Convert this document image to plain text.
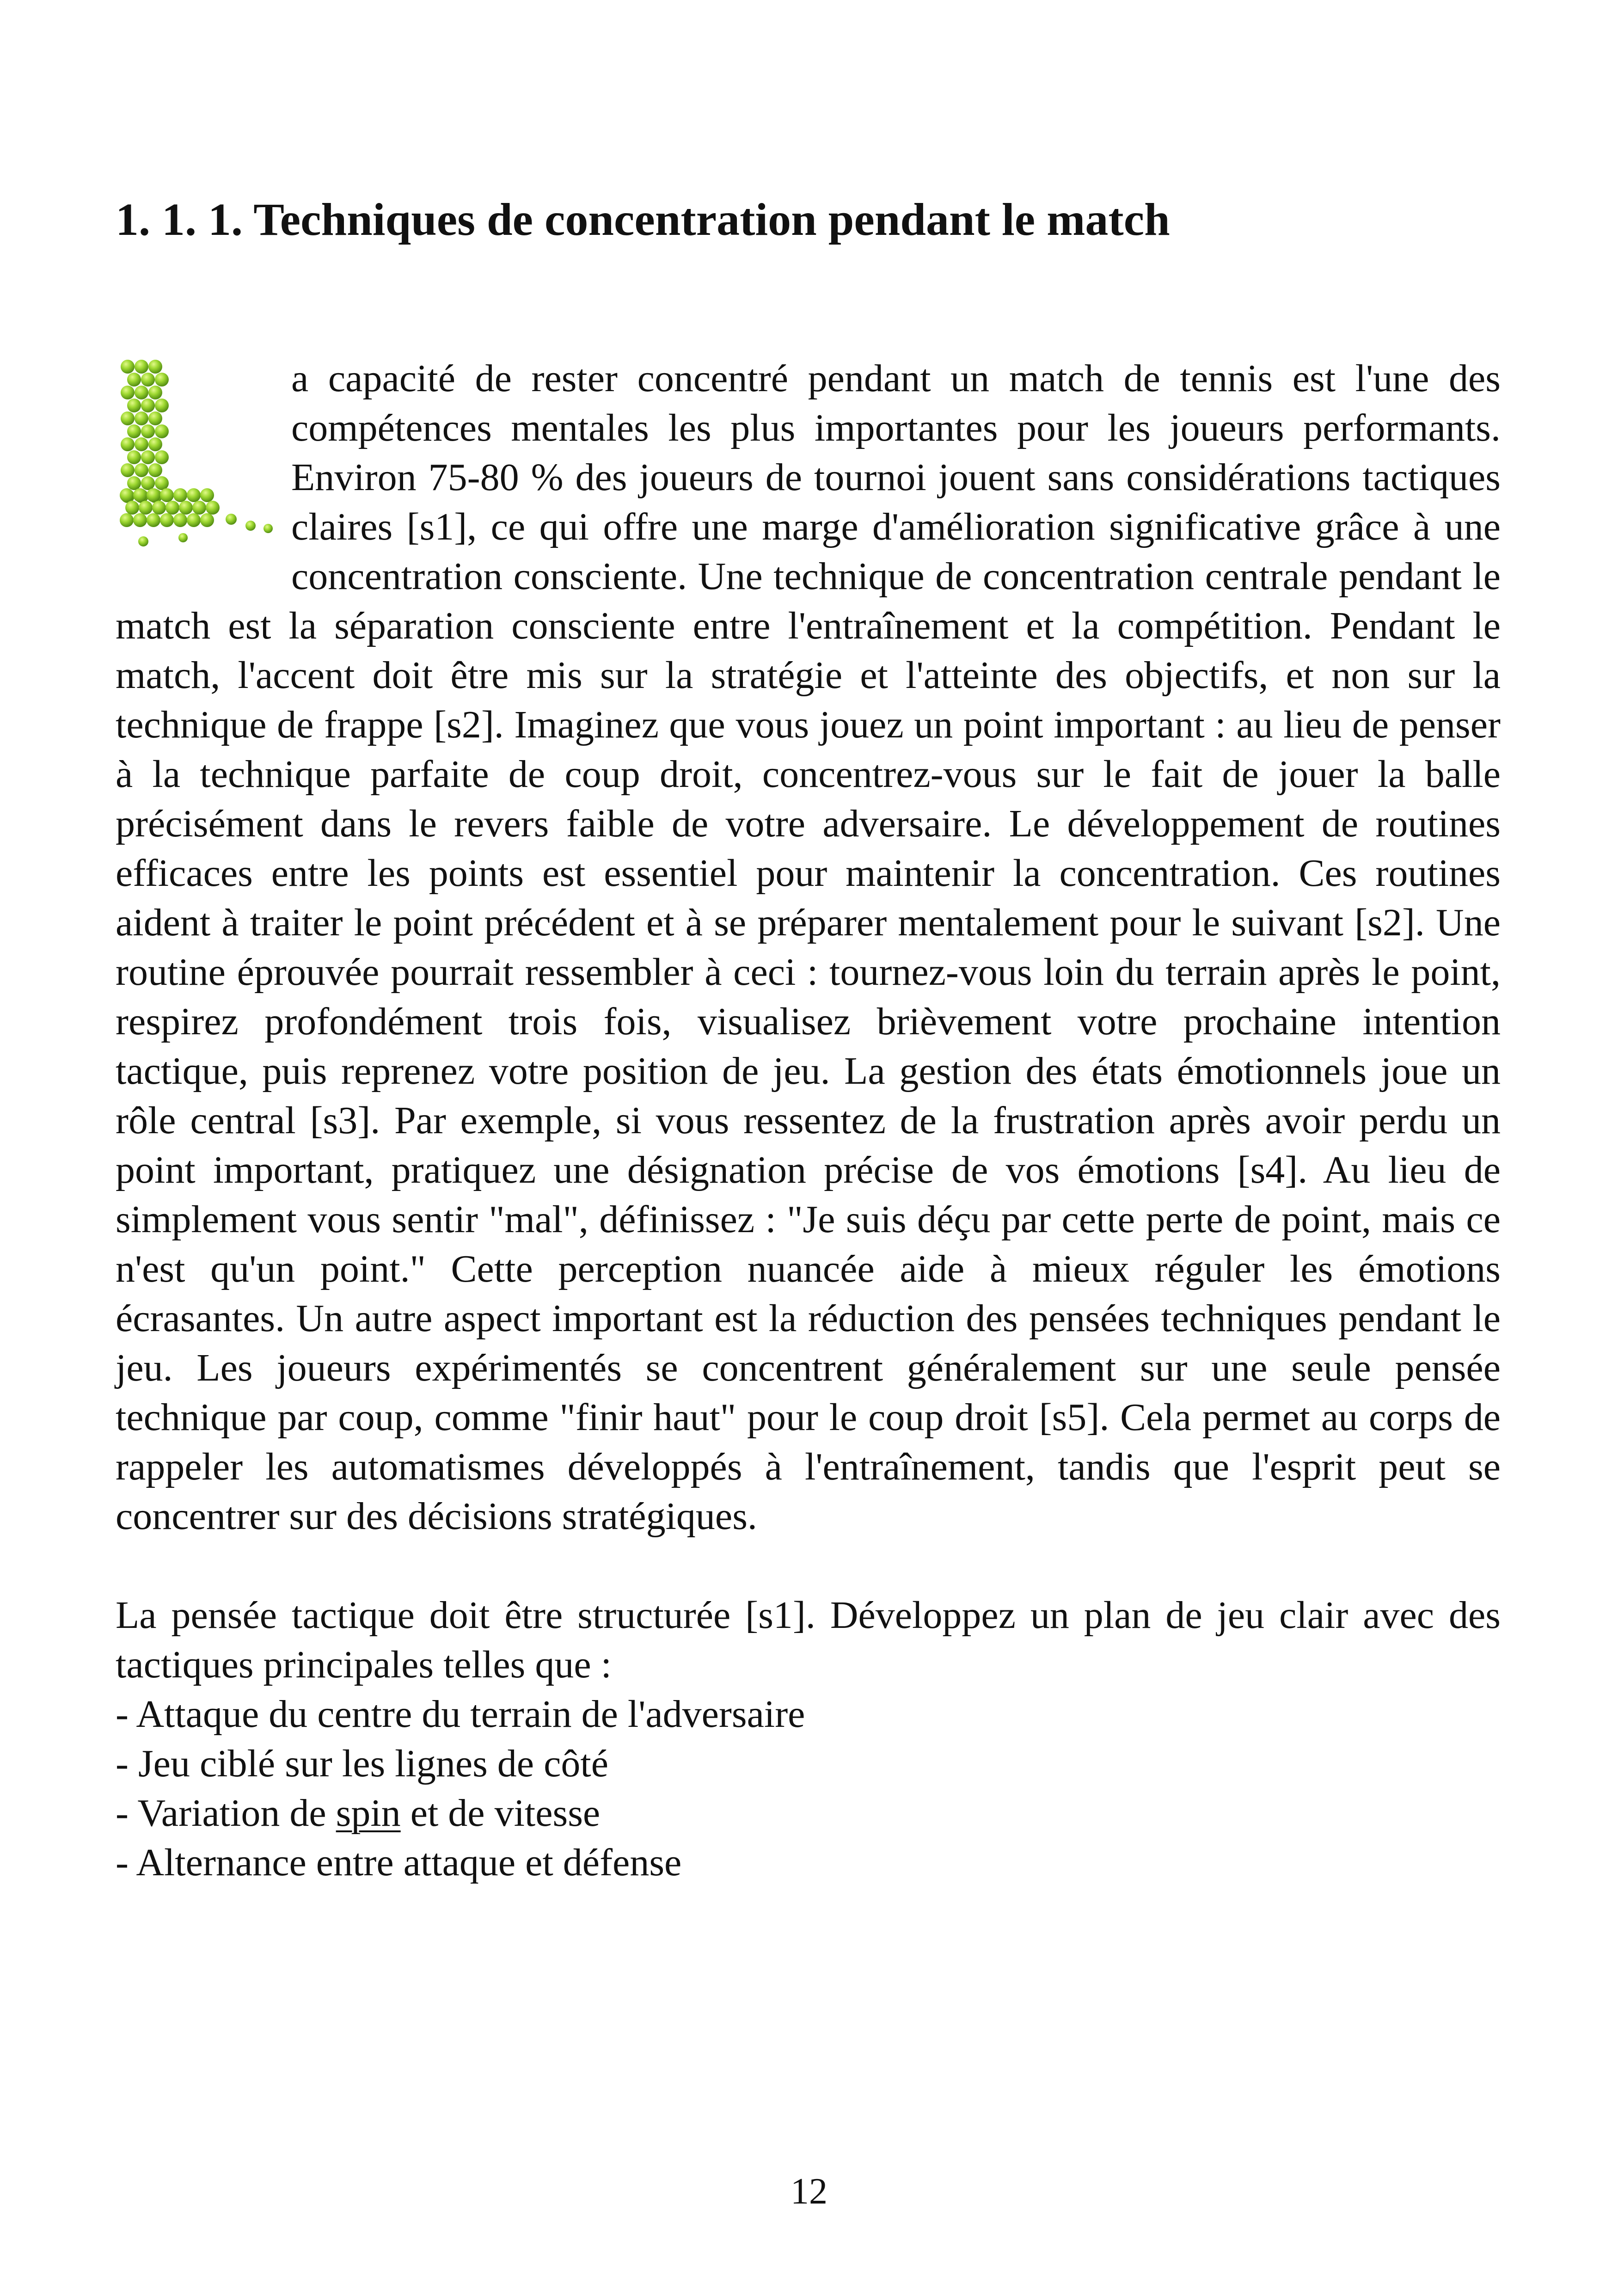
1. 1. 1. Techniques de concentration pendant le match

a capacité de rester concentré pendant un match de tennis est l'une des compétences mentales les plus importantes pour les joueurs performants. Environ 75-80 % des joueurs de tournoi jouent sans considérations tactiques claires [s1], ce qui offre une marge d'amélioration significative grâce à une concentration consciente. Une technique de concentration centrale pendant le match est la séparation consciente entre l'entraînement et la compétition. Pendant le match, l'accent doit être mis sur la stratégie et l'atteinte des objectifs, et non sur la technique de frappe [s2]. Imaginez que vous jouez un point important : au lieu de penser à la technique parfaite de coup droit, concentrez-vous sur le fait de jouer la balle précisément dans le revers faible de votre adversaire. Le développement de routines efficaces entre les points est essentiel pour maintenir la concentration. Ces routines aident à traiter le point précédent et à se préparer mentalement pour le suivant [s2]. Une routine éprouvée pourrait ressembler à ceci : tournez-vous loin du terrain après le point, respirez profondément trois fois, visualisez brièvement votre prochaine intention tactique, puis reprenez votre position de jeu. La gestion des états émotionnels joue un rôle central [s3]. Par exemple, si vous ressentez de la frustration après avoir perdu un point important, pratiquez une désignation précise de vos émotions [s4]. Au lieu de simplement vous sentir "mal", définissez : "Je suis déçu par cette perte de point, mais ce n'est qu'un point." Cette perception nuancée aide à mieux réguler les émotions écrasantes. Un autre aspect important est la réduction des pensées techniques pendant le jeu. Les joueurs expérimentés se concentrent généralement sur une seule pensée technique par coup, comme "finir haut" pour le coup droit [s5]. Cela permet au corps de rappeler les automatismes développés à l'entraînement, tandis que l'esprit peut se concentrer sur des décisions stratégiques.

La pensée tactique doit être structurée [s1]. Développez un plan de jeu clair avec des tactiques principales telles que :

- Attaque du centre du terrain de l'adversaire
- Jeu ciblé sur les lignes de côté
- Variation de spin et de vitesse
- Alternance entre attaque et défense
12
